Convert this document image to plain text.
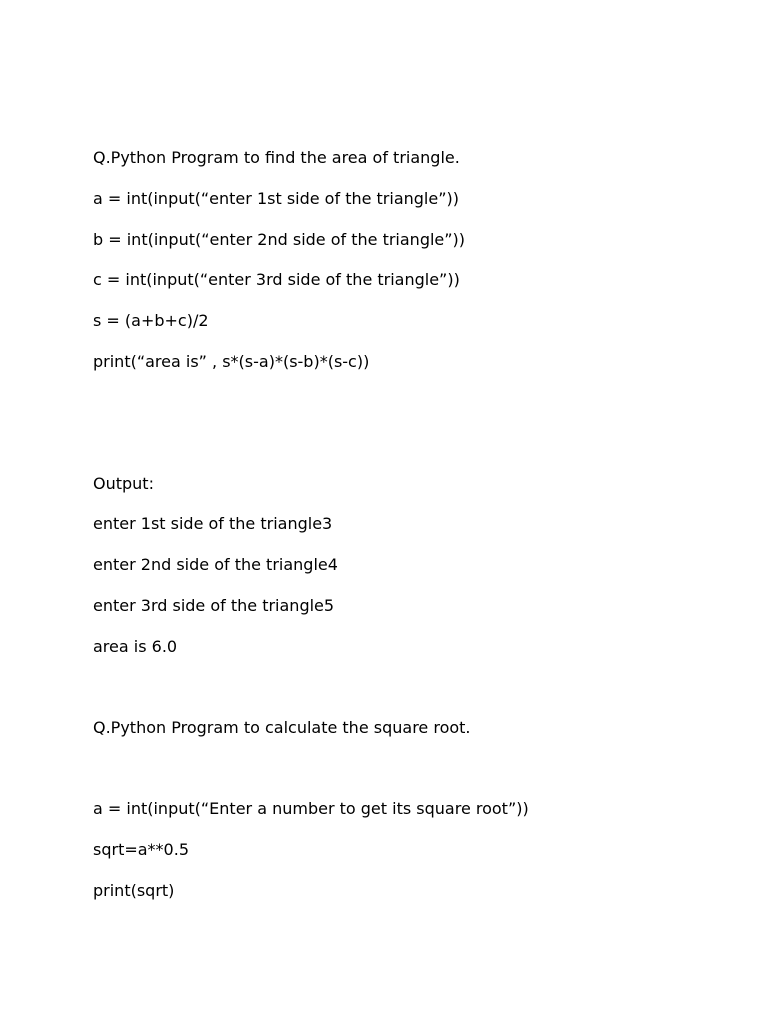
Q.Python Program to find the area of triangle.

a = int(input(“enter 1st side of the triangle”))

b = int(input(“enter 2nd side of the triangle”))

c = int(input(“enter 3rd side of the triangle”))

s = (a+b+c)/2

print(“area is” , s*(s-a)*(s-b)*(s-c))

Output:

enter 1st side of the triangle3

enter 2nd side of the triangle4

enter 3rd side of the triangle5

area is 6.0

Q.Python Program to calculate the square root.

a = int(input(“Enter a number to get its square root”))

sqrt=a**0.5

print(sqrt)
